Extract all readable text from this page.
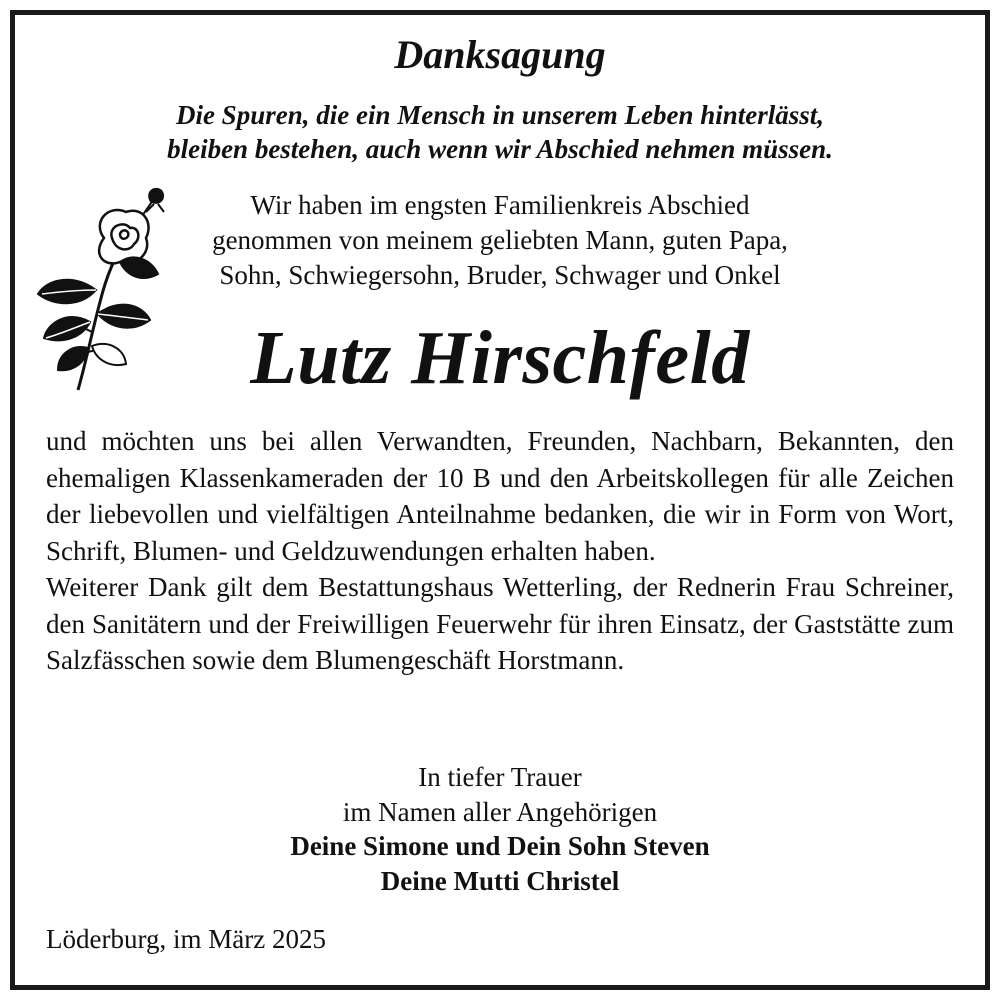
Danksagung
Die Spuren, die ein Mensch in unserem Leben hinterlässt,
bleiben bestehen, auch wenn wir Abschied nehmen müssen.
Wir haben im engsten Familienkreis Abschied
genommen von meinem geliebten Mann, guten Papa,
Sohn, Schwiegersohn, Bruder, Schwager und Onkel
Lutz Hirschfeld

und möchten uns bei allen Verwandten, Freunden, Nachbarn, Bekannten, den ehemaligen Klassenkameraden der 10 B und den Arbeitskollegen für alle Zeichen der liebevollen und vielfältigen Anteilnahme bedanken, die wir in Form von Wort, Schrift, Blumen- und Geldzuwendungen erhalten haben.

Weiterer Dank gilt dem Bestattungshaus Wetterling, der Rednerin Frau Schreiner, den Sanitätern und der Freiwilligen Feuerwehr für ihren Einsatz, der Gaststätte zum Salzfässchen sowie dem Blumengeschäft Horstmann.

In tiefer Trauer
im Namen aller Angehörigen
Deine Simone und Dein Sohn Steven
Deine Mutti Christel
Löderburg, im März 2025
